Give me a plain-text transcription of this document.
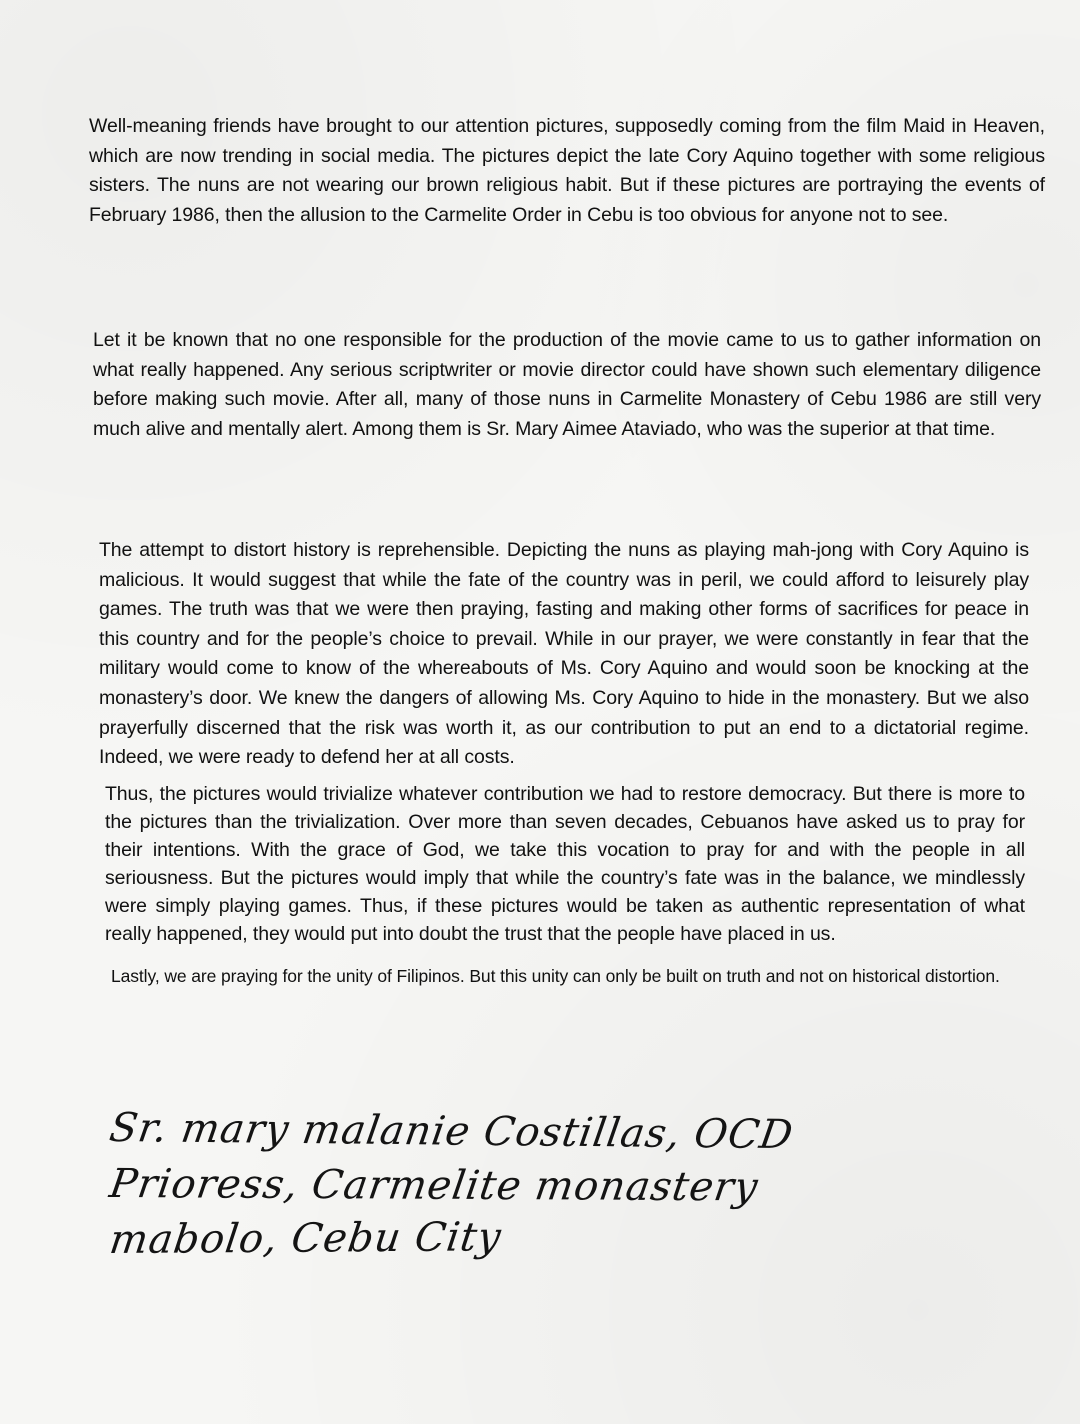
Well-meaning friends have brought to our attention pictures, supposedly coming from the film Maid in Heaven, which are now trending in social media. The pictures depict the late Cory Aquino together with some religious sisters. The nuns are not wearing our brown religious habit. But if these pictures are portraying the events of February 1986, then the allusion to the Carmelite Order in Cebu is too obvious for anyone not to see.

Let it be known that no one responsible for the production of the movie came to us to gather information on what really happened. Any serious scriptwriter or movie director could have shown such elementary diligence before making such movie. After all, many of those nuns in Carmelite Monastery of Cebu 1986 are still very much alive and mentally alert. Among them is Sr. Mary Aimee Ataviado, who was the superior at that time.

The attempt to distort history is reprehensible. Depicting the nuns as playing mah-jong with Cory Aquino is malicious. It would suggest that while the fate of the country was in peril, we could afford to leisurely play games. The truth was that we were then praying, fasting and making other forms of sacrifices for peace in this country and for the people’s choice to prevail. While in our prayer, we were constantly in fear that the military would come to know of the whereabouts of Ms. Cory Aquino and would soon be knocking at the monastery’s door. We knew the dangers of allowing Ms. Cory Aquino to hide in the monastery. But we also prayerfully discerned that the risk was worth it, as our contribution to put an end to a dictatorial regime. Indeed, we were ready to defend her at all costs.

Thus, the pictures would trivialize whatever contribution we had to restore democracy. But there is more to the pictures than the trivialization. Over more than seven decades, Cebuanos have asked us to pray for their intentions. With the grace of God, we take this vocation to pray for and with the people in all seriousness. But the pictures would imply that while the country’s fate was in the balance, we mindlessly were simply playing games. Thus, if these pictures would be taken as authentic representation of what really happened, they would put into doubt the trust that the people have placed in us.

Lastly, we are praying for the unity of Filipinos. But this unity can only be built on truth and not on historical distortion.

Sr. mary malanie Costillas, OCD
Prioress, Carmelite monastery
mabolo, Cebu City
